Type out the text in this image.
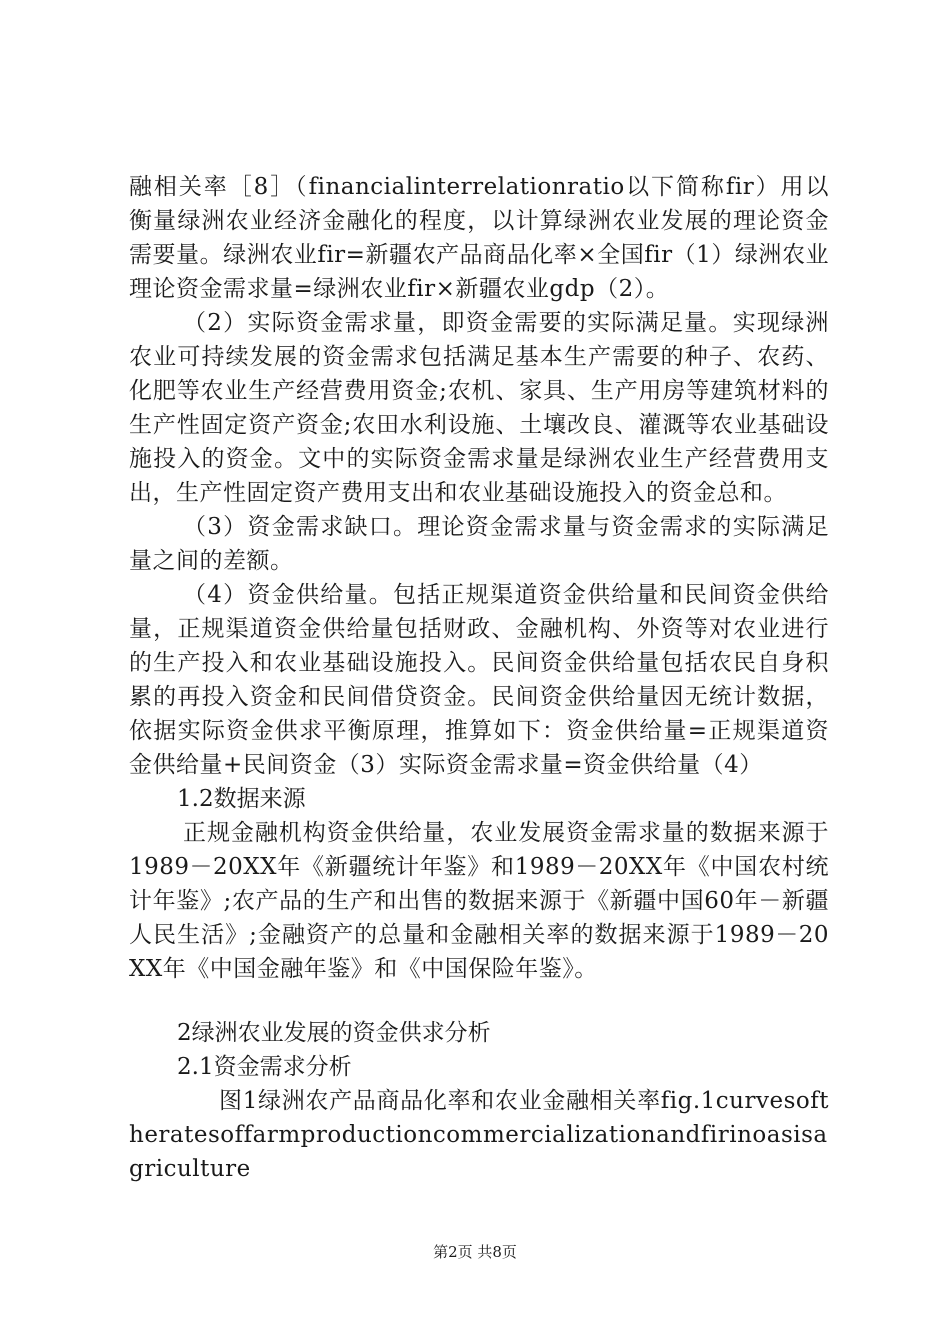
融相关率［8］（financialinterrelationratio以下简称fir）用以衡量绿洲农业经济金融化的程度，以计算绿洲农业发展的理论资金需要量。绿洲农业fir=新疆农产品商品化率×全国fir（1）绿洲农业理论资金需求量=绿洲农业fir×新疆农业gdp（2）。

（2）实际资金需求量，即资金需要的实际满足量。实现绿洲农业可持续发展的资金需求包括满足基本生产需要的种子、农药、化肥等农业生产经营费用资金;农机、家具、生产用房等建筑材料的生产性固定资产资金;农田水利设施、土壤改良、灌溉等农业基础设施投入的资金。文中的实际资金需求量是绿洲农业生产经营费用支出，生产性固定资产费用支出和农业基础设施投入的资金总和。

（3）资金需求缺口。理论资金需求量与资金需求的实际满足量之间的差额。

（4）资金供给量。包括正规渠道资金供给量和民间资金供给量，正规渠道资金供给量包括财政、金融机构、外资等对农业进行的生产投入和农业基础设施投入。民间资金供给量包括农民自身积累的再投入资金和民间借贷资金。民间资金供给量因无统计数据，依据实际资金供求平衡原理，推算如下：资金供给量=正规渠道资金供给量+民间资金（3）实际资金需求量=资金供给量（4）

1.2数据来源

正规金融机构资金供给量，农业发展资金需求量的数据来源于1989－20XX年《新疆统计年鉴》和1989－20XX年《中国农村统计年鉴》;农产品的生产和出售的数据来源于《新疆中国60年－新疆人民生活》;金融资产的总量和金融相关率的数据来源于1989－20XX年《中国金融年鉴》和《中国保险年鉴》。

2绿洲农业发展的资金供求分析

2.1资金需求分析

图1绿洲农产品商品化率和农业金融相关率fig.1curvesoftheratesoffarmproductioncommercializationandfirinoasisagriculture

第2页 共8页
